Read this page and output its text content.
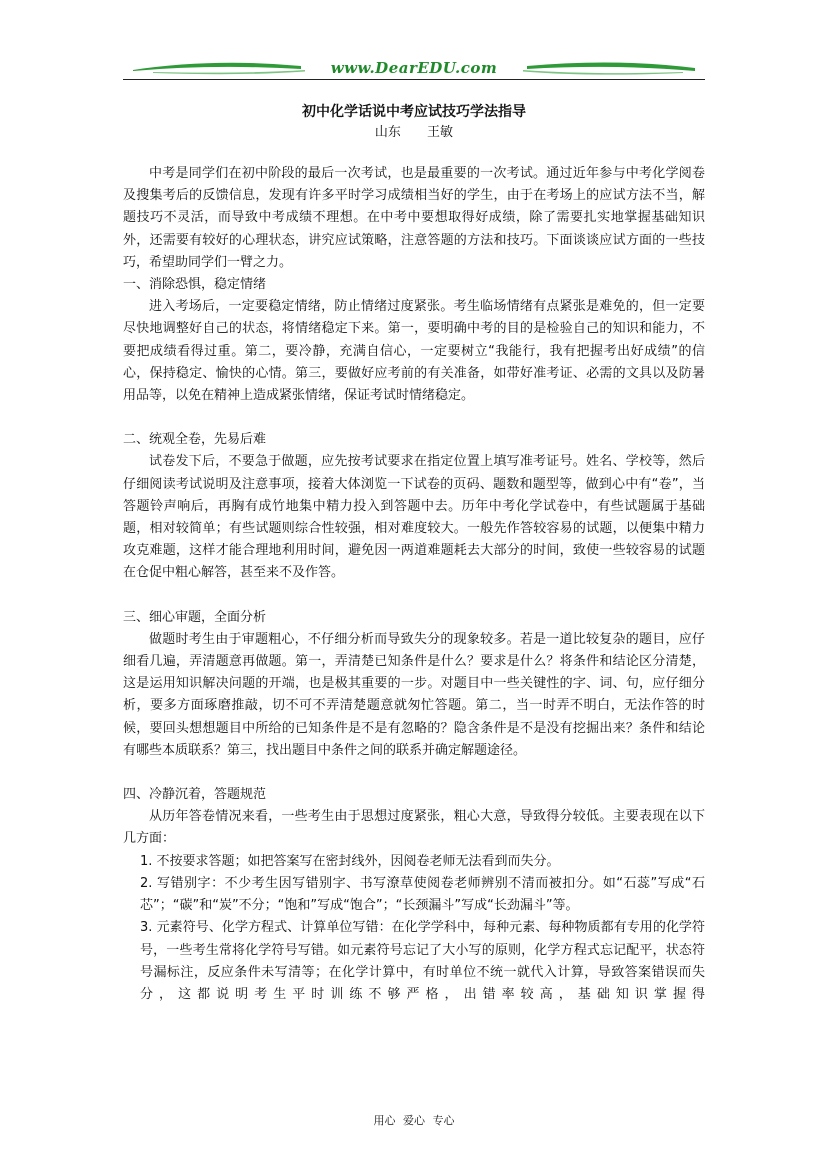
www.DearEDU.com
初中化学话说中考应试技巧学法指导
山东 王敏

中考是同学们在初中阶段的最后一次考试，也是最重要的一次考试。通过近年参与中考化学阅卷及搜集考后的反馈信息，发现有许多平时学习成绩相当好的学生，由于在考场上的应试方法不当，解题技巧不灵活，而导致中考成绩不理想。在中考中要想取得好成绩，除了需要扎实地掌握基础知识外，还需要有较好的心理状态，讲究应试策略，注意答题的方法和技巧。下面谈谈应试方面的一些技巧，希望助同学们一臂之力。

一、消除恐惧，稳定情绪

进入考场后，一定要稳定情绪，防止情绪过度紧张。考生临场情绪有点紧张是难免的，但一定要尽快地调整好自己的状态，将情绪稳定下来。第一，要明确中考的目的是检验自己的知识和能力，不要把成绩看得过重。第二，要冷静，充满自信心，一定要树立“我能行，我有把握考出好成绩”的信心，保持稳定、愉快的心情。第三，要做好应考前的有关准备，如带好准考证、必需的文具以及防暑用品等，以免在精神上造成紧张情绪，保证考试时情绪稳定。

二、统观全卷，先易后难

试卷发下后，不要急于做题，应先按考试要求在指定位置上填写准考证号。姓名、学校等，然后仔细阅读考试说明及注意事项，接着大体浏览一下试卷的页码、题数和题型等，做到心中有“卷”，当答题铃声响后，再胸有成竹地集中精力投入到答题中去。历年中考化学试卷中，有些试题属于基础题，相对较简单；有些试题则综合性较强，相对难度较大。一般先作答较容易的试题，以便集中精力攻克难题，这样才能合理地利用时间，避免因一两道难题耗去大部分的时间，致使一些较容易的试题在仓促中粗心解答，甚至来不及作答。

三、细心审题，全面分析

做题时考生由于审题粗心，不仔细分析而导致失分的现象较多。若是一道比较复杂的题目，应仔细看几遍，弄清题意再做题。第一，弄清楚已知条件是什么？要求是什么？将条件和结论区分清楚，这是运用知识解决问题的开端，也是极其重要的一步。对题目中一些关键性的字、词、句，应仔细分析，要多方面琢磨推敲，切不可不弄清楚题意就匆忙答题。第二，当一时弄不明白，无法作答的时候，要回头想想题目中所给的已知条件是不是有忽略的？隐含条件是不是没有挖掘出来？条件和结论有哪些本质联系？第三，找出题目中条件之间的联系并确定解题途径。

四、冷静沉着，答题规范

从历年答卷情况来看，一些考生由于思想过度紧张，粗心大意，导致得分较低。主要表现在以下几方面：

1. 不按要求答题；如把答案写在密封线外，因阅卷老师无法看到而失分。

2. 写错别字：不少考生因写错别字、书写潦草使阅卷老师辨别不清而被扣分。如“石蕊”写成“石芯”；“碳”和“炭”不分；“饱和”写成“饱合”；“长颈漏斗”写成“长劲漏斗”等。

3. 元素符号、化学方程式、计算单位写错：在化学学科中，每种元素、每种物质都有专用的化学符号，一些考生常将化学符号写错。如元素符号忘记了大小写的原则，化学方程式忘记配平，状态符号漏标注，反应条件未写清等；在化学计算中，有时单位不统一就代入计算，导致答案错误而失分，这都说明考生平时训练不够严格，出错率较高，基础知识掌握得

用心 爱心 专心
